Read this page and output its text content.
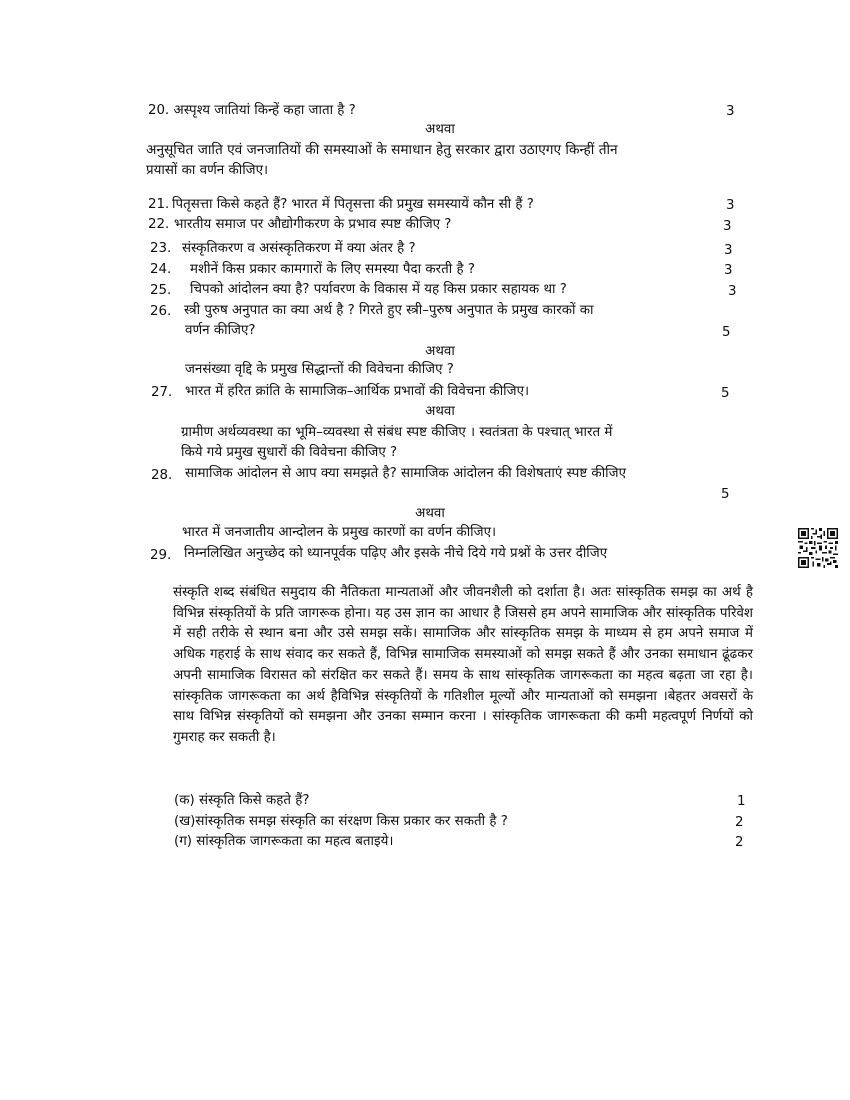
20. अस्पृश्य जातियां किन्हें कहा जाता है ?	3
अथवा
अनुसूचित जाति एवं जनजातियों की समस्याओं के समाधान हेतु सरकार द्वारा उठाएगए किन्हीं तीन
प्रयासों का वर्णन कीजिए।
21. पितृसत्ता किसे कहते हैं? भारत में पितृसत्ता की प्रमुख समस्यायें कौन सी हैं ?	3
22. भारतीय समाज पर औद्योगीकरण के प्रभाव स्पष्ट कीजिए ?	3
23. संस्कृतिकरण व असंस्कृतिकरण में क्या अंतर है ?	3
24. मशीनें किस प्रकार कामगारों के लिए समस्या पैदा करती है ?	3
25. चिपको आंदोलन क्या है? पर्यावरण के विकास में यह किस प्रकार सहायक था ?	3
26. स्त्री पुरुष अनुपात का क्या अर्थ है ? गिरते हुए स्त्री–पुरुष अनुपात के प्रमुख कारकों का
वर्णन कीजिए?	5
अथवा
जनसंख्या वृद्दि के प्रमुख सिद्धान्तों की विवेचना कीजिए ?
27. भारत में हरित क्रांति के सामाजिक–आर्थिक प्रभावों की विवेचना कीजिए।	5
अथवा
ग्रामीण अर्थव्यवस्था का भूमि–व्यवस्था से संबंध स्पष्ट कीजिए । स्वतंत्रता के पश्चात् भारत में
किये गये प्रमुख सुधारों की विवेचना कीजिए ?
28. सामाजिक आंदोलन से आप क्या समझते है? सामाजिक आंदोलन की विशेषताएं स्पष्ट कीजिए
5
अथवा
भारत में जनजातीय आन्दोलन के प्रमुख कारणों का वर्णन कीजिए।
29. निम्नलिखित अनुच्छेद को ध्यानपूर्वक पढ़िए और इसके नीचे दिये गये प्रश्नों के उत्तर दीजिए
संस्कृति शब्द संबंधित समुदाय की नैतिकता मान्यताओं और जीवनशैली को दर्शाता है। अतः सांस्कृतिक समझ का अर्थ है विभिन्न संस्कृतियों के प्रति जागरूक होना। यह उस ज्ञान का आधार है जिससे हम अपने सामाजिक और सांस्कृतिक परिवेश में सही तरीके से स्थान बना और उसे समझ सकें। सामाजिक और सांस्कृतिक समझ के माध्यम से हम अपने समाज में अधिक गहराई के साथ संवाद कर सकते हैं, विभिन्न सामाजिक समस्याओं को समझ सकते हैं और उनका समाधान ढूंढकर अपनी सामाजिक विरासत को संरक्षित कर सकते हैं। समय के साथ सांस्कृतिक जागरूकता का महत्व बढ़ता जा रहा है। सांस्कृतिक जागरूकता का अर्थ हैविभिन्न संस्कृतियों के गतिशील मूल्यों और मान्यताओं को समझना ।बेहतर अवसरों के साथ विभिन्न संस्कृतियों को समझना और उनका सम्मान करना । सांस्कृतिक जागरूकता की कमी महत्वपूर्ण निर्णयों को गुमराह कर सकती है।
(क) संस्कृति किसे कहते हैं?	1
(ख)सांस्कृतिक समझ संस्कृति का संरक्षण किस प्रकार कर सकती है ?	2
(ग) सांस्कृतिक जागरूकता का महत्व बताइये।	2
